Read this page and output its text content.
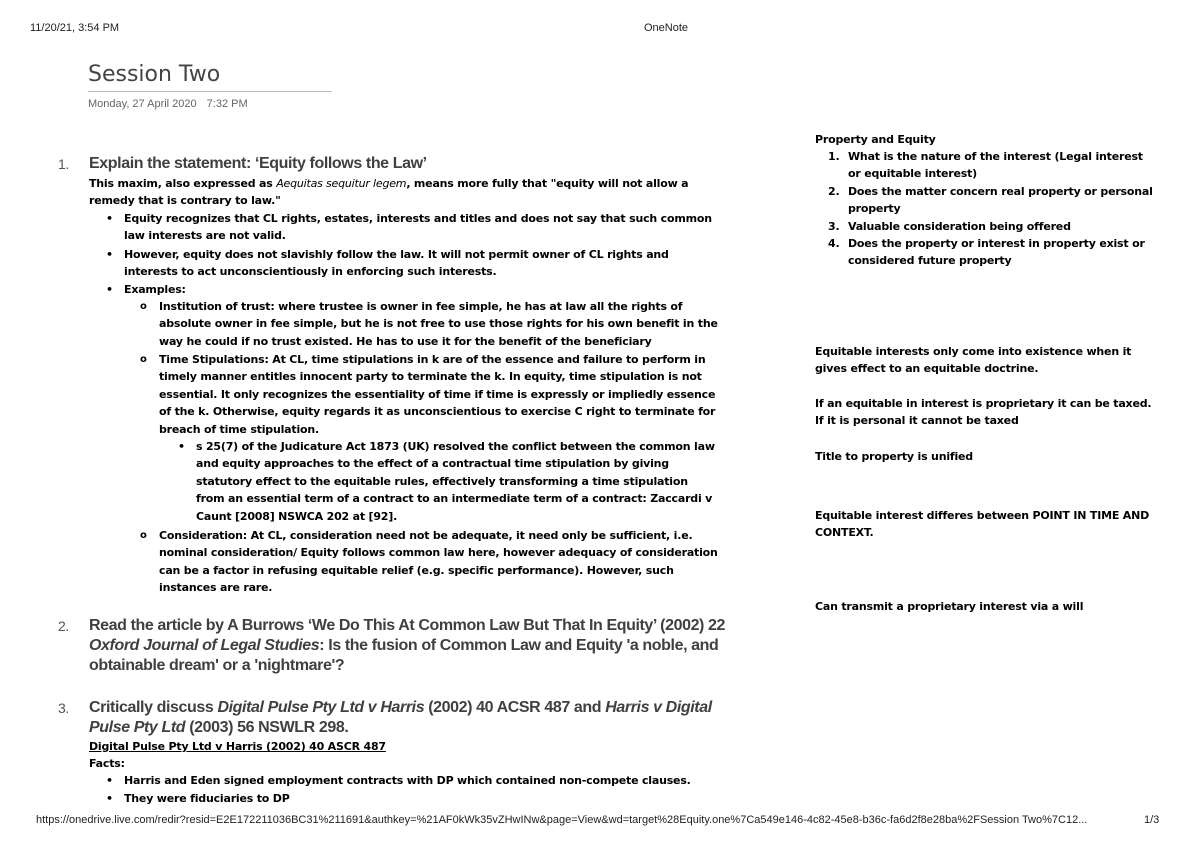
11/20/21, 3:54 PM	OneNote
Session Two
Monday, 27 April 2020 7:32 PM
1. Explain the statement: ‘Equity follows the Law’
This maxim, also expressed as Aequitas sequitur legem, means more fully that "equity will not allow a remedy that is contrary to law."
• Equity recognizes that CL rights, estates, interests and titles and does not say that such common law interests are not valid.
• However, equity does not slavishly follow the law. It will not permit owner of CL rights and interests to act unconscientiously in enforcing such interests.
• Examples:
o Institution of trust: where trustee is owner in fee simple, he has at law all the rights of absolute owner in fee simple, but he is not free to use those rights for his own benefit in the way he could if no trust existed. He has to use it for the benefit of the beneficiary
o Time Stipulations: At CL, time stipulations in k are of the essence and failure to perform in timely manner entitles innocent party to terminate the k. In equity, time stipulation is not essential. It only recognizes the essentiality of time if time is expressly or impliedly essence of the k. Otherwise, equity regards it as unconscientious to exercise C right to terminate for breach of time stipulation.
• s 25(7) of the Judicature Act 1873 (UK) resolved the conflict between the common law and equity approaches to the effect of a contractual time stipulation by giving statutory effect to the equitable rules, effectively transforming a time stipulation from an essential term of a contract to an intermediate term of a contract: Zaccardi v Caunt [2008] NSWCA 202 at [92].
o Consideration: At CL, consideration need not be adequate, it need only be sufficient, i.e. nominal consideration/ Equity follows common law here, however adequacy of consideration can be a factor in refusing equitable relief (e.g. specific performance). However, such instances are rare.
2. Read the article by A Burrows ‘We Do This At Common Law But That In Equity’ (2002) 22 Oxford Journal of Legal Studies: Is the fusion of Common Law and Equity 'a noble, and obtainable dream' or a 'nightmare'?
3. Critically discuss Digital Pulse Pty Ltd v Harris (2002) 40 ACSR 487 and Harris v Digital Pulse Pty Ltd (2003) 56 NSWLR 298.
Digital Pulse Pty Ltd v Harris (2002) 40 ASCR 487
Facts:
• Harris and Eden signed employment contracts with DP which contained non-compete clauses.
• They were fiduciaries to DP
Property and Equity
1. What is the nature of the interest (Legal interest or equitable interest)
2. Does the matter concern real property or personal property
3. Valuable consideration being offered
4. Does the property or interest in property exist or considered future property
Equitable interests only come into existence when it gives effect to an equitable doctrine.
If an equitable in interest is proprietary it can be taxed. If it is personal it cannot be taxed
Title to property is unified
Equitable interest differes between POINT IN TIME AND CONTEXT.
Can transmit a proprietary interest via a will
https://onedrive.live.com/redir?resid=E2E172211036BC31%211691&authkey=%21AF0kWk35vZHwINw&page=View&wd=target%28Equity.one%7Ca549e146-4c82-45e8-b36c-fa6d2f8e28ba%2FSession Two%7C12...	1/3
